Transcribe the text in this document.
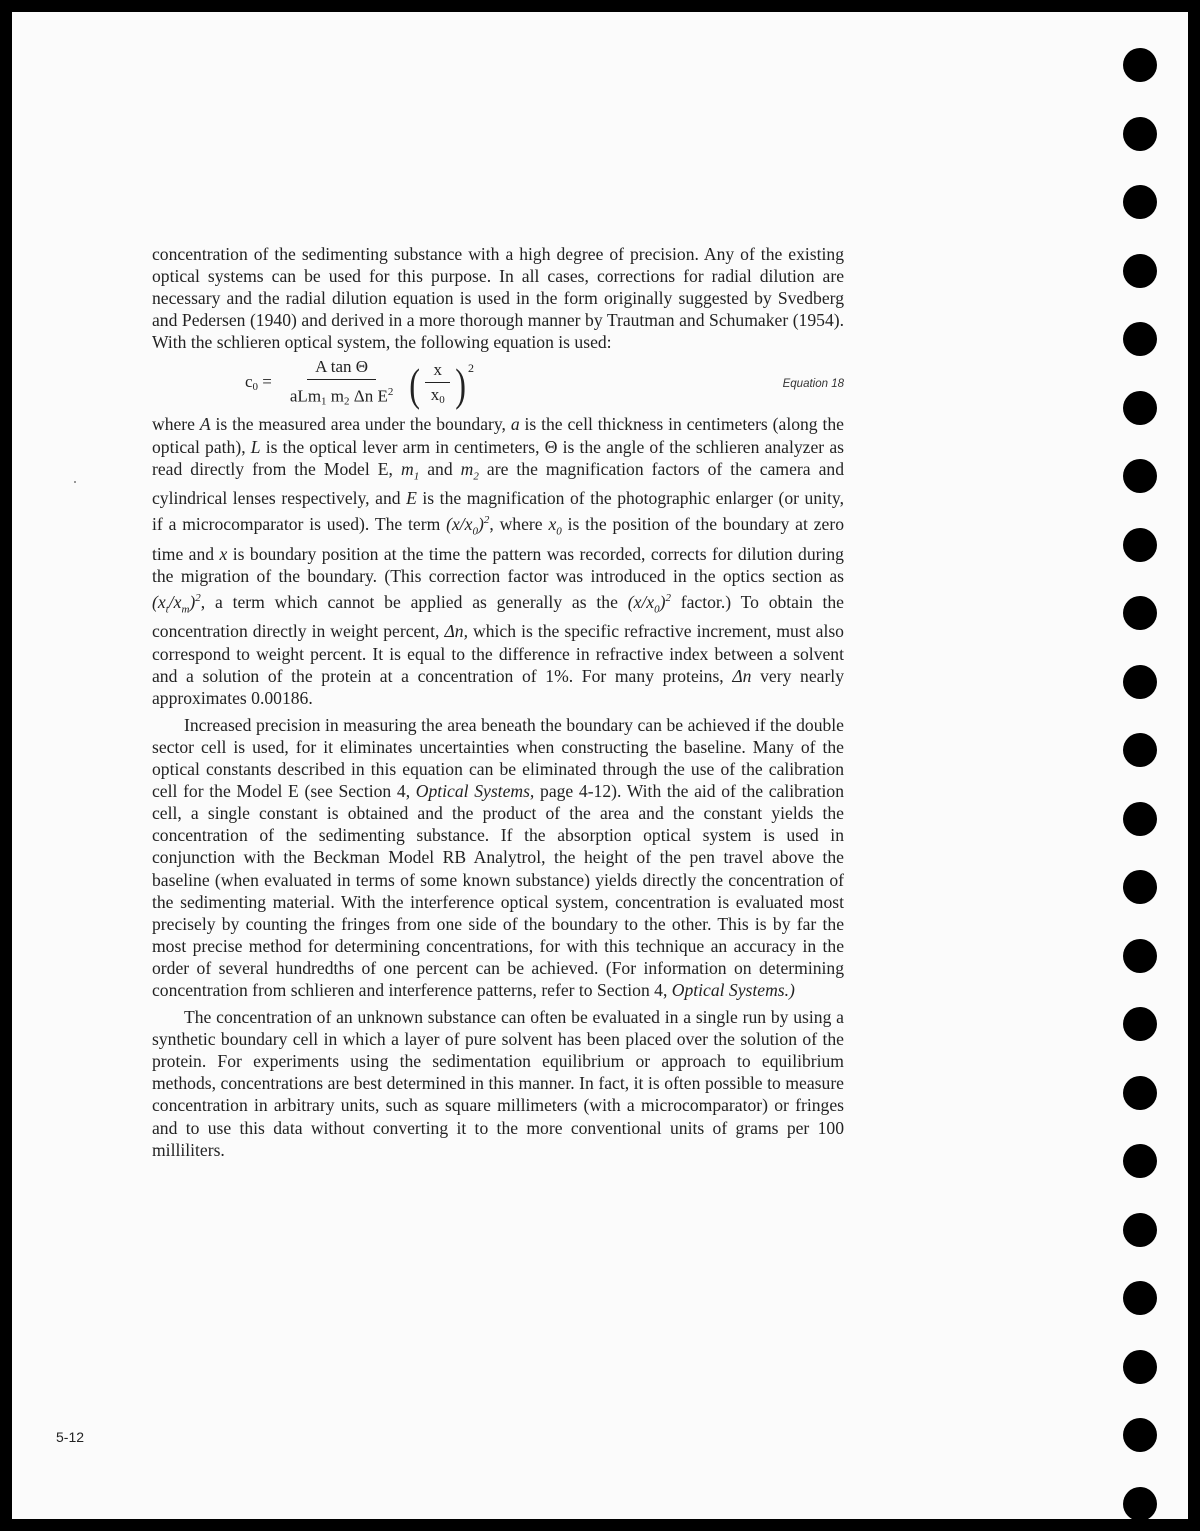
concentration of the sedimenting substance with a high degree of precision. Any of the existing optical systems can be used for this purpose. In all cases, corrections for radial dilution are necessary and the radial dilution equation is used in the form originally suggested by Svedberg and Pedersen (1940) and derived in a more thorough manner by Trautman and Schumaker (1954). With the schlieren optical system, the following equation is used:

$c_0 = \frac{\text{A tan Θ}}{aLm_1 m_2 \Delta n E^2}$ ( $\frac{x}{x_0}$ ) 2
Equation 18

where A is the measured area under the boundary, a is the cell thickness in centimeters (along the optical path), L is the optical lever arm in centimeters, Θ is the angle of the schlieren analyzer as read directly from the Model E, $m_1$ and $m_2$ are the magnification factors of the camera and cylindrical lenses respectively, and E is the magnification of the photographic enlarger (or unity, if a microcomparator is used). The term $(x/x_0)^2$, where $x_0$ is the position of the boundary at zero time and x is boundary position at the time the pattern was recorded, corrects for dilution during the migration of the boundary. (This correction factor was introduced in the optics section as $(x_t/x_m)^2$, a term which cannot be applied as generally as the $(x/x_0)^2$ factor.) To obtain the concentration directly in weight percent, Δn, which is the specific refractive increment, must also correspond to weight percent. It is equal to the difference in refractive index between a solvent and a solution of the protein at a concentration of 1%. For many proteins, Δn very nearly approximates 0.00186.

Increased precision in measuring the area beneath the boundary can be achieved if the double sector cell is used, for it eliminates uncertainties when constructing the baseline. Many of the optical constants described in this equation can be eliminated through the use of the calibration cell for the Model E (see Section 4, Optical Systems, page 4-12). With the aid of the calibration cell, a single constant is obtained and the product of the area and the constant yields the concentration of the sedimenting substance. If the absorption optical system is used in conjunction with the Beckman Model RB Analytrol, the height of the pen travel above the baseline (when evaluated in terms of some known substance) yields directly the concentration of the sedimenting material. With the interference optical system, concentration is evaluated most precisely by counting the fringes from one side of the boundary to the other. This is by far the most precise method for determining concentrations, for with this technique an accuracy in the order of several hundredths of one percent can be achieved. (For information on determining concentration from schlieren and interference patterns, refer to Section 4, Optical Systems.)

The concentration of an unknown substance can often be evaluated in a single run by using a synthetic boundary cell in which a layer of pure solvent has been placed over the solution of the protein. For experiments using the sedimentation equilibrium or approach to equilibrium methods, concentrations are best determined in this manner. In fact, it is often possible to measure concentration in arbitrary units, such as square millimeters (with a microcomparator) or fringes and to use this data without converting it to the more conventional units of grams per 100 milliliters.

5-12
